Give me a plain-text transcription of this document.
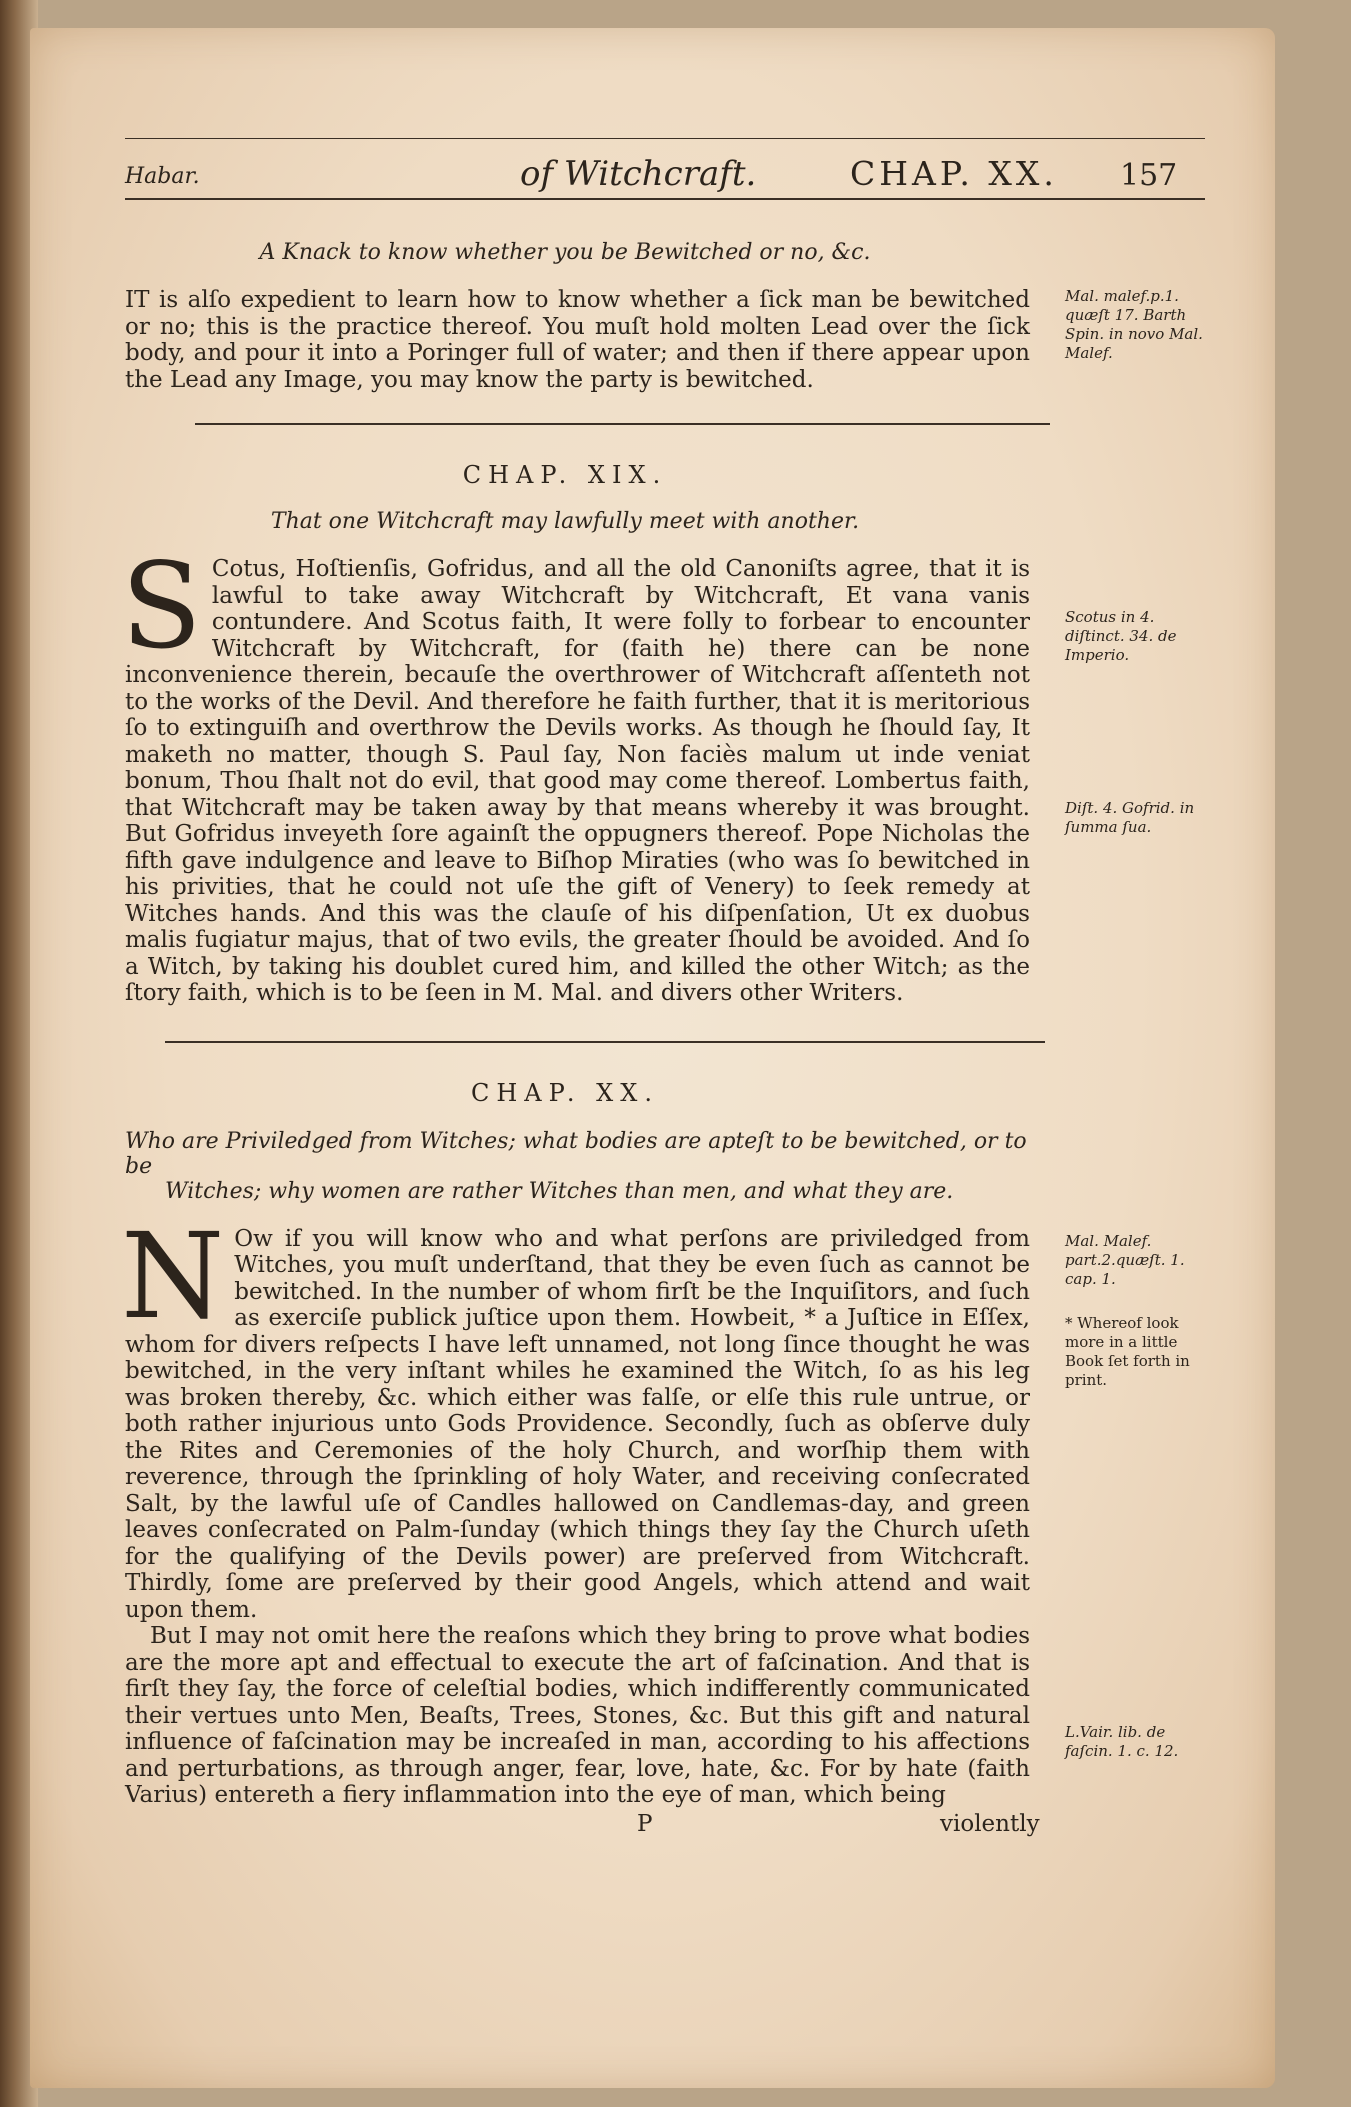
Habar.	of Witchcraft.	CHAP. XX. 157
A Knack to know whether you be Bewitched or no, &c.

IT is alſo expedient to learn how to know whether a ſick man be bewitched or no; this is the practice thereof. You muſt hold molten Lead over the ſick body, and pour it into a Poringer full of water; and then if there appear upon the Lead any Image, you may know the party is bewitched.

Mal. malef.p.1. quæſt 17. Barth Spin. in novo Mal. Malef.
CHAP. XIX.
That one Witchcraft may lawfully meet with another.

S Cotus, Hoſtienſis, Gofridus, and all the old Canoniſts agree, that it is lawful to take away Witchcraft by Witchcraft, Et vana vanis contundere. And Scotus faith, It were folly to forbear to encounter Witchcraft by Witchcraft, for (faith he) there can be none inconvenience therein, becauſe the overthrower of Witchcraft aſſenteth not to the works of the Devil. And therefore he faith further, that it is meritorious ſo to extinguiſh and overthrow the Devils works. As though he ſhould ſay, It maketh no matter, though S. Paul ſay, Non faciès malum ut inde veniat bonum, Thou ſhalt not do evil, that good may come thereof. Lombertus faith, that Witchcraft may be taken away by that means whereby it was brought. But Gofridus inveyeth ſore againſt the oppugners thereof. Pope Nicholas the fifth gave indulgence and leave to Biſhop Miraties (who was ſo bewitched in his privities, that he could not uſe the gift of Venery) to ſeek remedy at Witches hands. And this was the clauſe of his diſpenſation, Ut ex duobus malis fugiatur majus, that of two evils, the greater ſhould be avoided. And ſo a Witch, by taking his doublet cured him, and killed the other Witch; as the ſtory faith, which is to be ſeen in M. Mal. and divers other Writers.

Scotus in 4. diſtinct. 34. de Imperio.
Diſt. 4. Gofrid. in ſumma ſua.
CHAP. XX.
Who are Priviledged from Witches; what bodies are apteſt to be bewitched, or to be
Witches; why women are rather Witches than men, and what they are.

N Ow if you will know who and what perſons are priviledged from Witches, you muſt underſtand, that they be even ſuch as cannot be bewitched. In the number of whom firſt be the Inquiſitors, and ſuch as exerciſe publick juſtice upon them. Howbeit, * a Juſtice in Eſſex, whom for divers reſpects I have left unnamed, not long ſince thought he was bewitched, in the very inſtant whiles he examined the Witch, ſo as his leg was broken thereby, &c. which either was falſe, or elſe this rule untrue, or both rather injurious unto Gods Providence. Secondly, ſuch as obſerve duly the Rites and Ceremonies of the holy Church, and worſhip them with reverence, through the ſprinkling of holy Water, and receiving conſecrated Salt, by the lawful uſe of Candles hallowed on Candlemas-day, and green leaves conſecrated on Palm-ſunday (which things they ſay the Church uſeth for the qualifying of the Devils power) are preſerved from Witchcraft. Thirdly, ſome are preſerved by their good Angels, which attend and wait upon them.

Mal. Malef. part.2.quæſt. 1. cap. 1.
* Whereof look more in a little Book ſet forth in print.

But I may not omit here the reaſons which they bring to prove what bodies are the more apt and effectual to execute the art of faſcination. And that is firſt they ſay, the force of celeſtial bodies, which indifferently communicated their vertues unto Men, Beaſts, Trees, Stones, &c. But this gift and natural influence of faſcination may be increaſed in man, according to his affections and perturbations, as through anger, fear, love, hate, &c. For by hate (faith Varius) entereth a fiery inflammation into the eye of man, which being

L.Vair. lib. de faſcin. 1. c. 12.
P	violently
